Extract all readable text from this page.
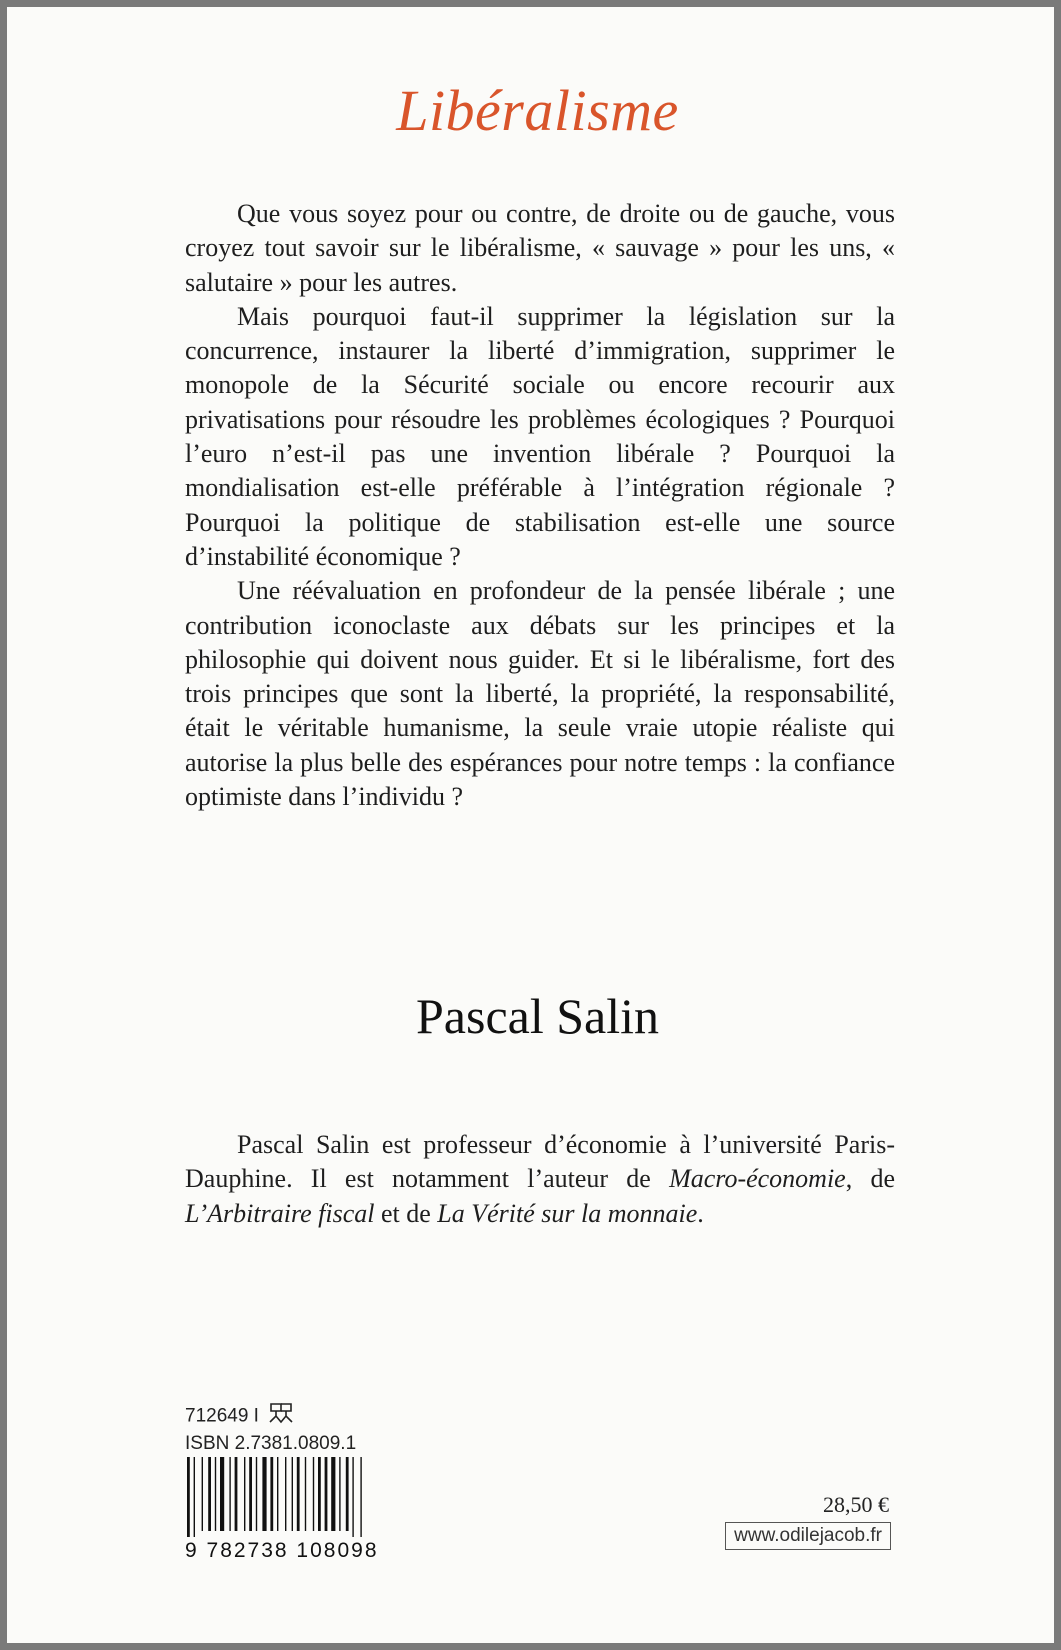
Libéralisme

Que vous soyez pour ou contre, de droite ou de gauche, vous croyez tout savoir sur le libéralisme, « sauvage » pour les uns, « salutaire » pour les autres.

Mais pourquoi faut-il supprimer la législation sur la concurrence, instaurer la liberté d’immigration, supprimer le monopole de la Sécurité sociale ou encore recourir aux privatisations pour résoudre les problèmes écologiques ? Pourquoi l’euro n’est-il pas une invention libérale ? Pourquoi la mondialisation est-elle préférable à l’intégration régionale ? Pourquoi la politique de stabilisation est-elle une source d’instabilité économique ?

Une réévaluation en profondeur de la pensée libérale ; une contribution iconoclaste aux débats sur les principes et la philosophie qui doivent nous guider. Et si le libéralisme, fort des trois principes que sont la liberté, la propriété, la responsabilité, était le véritable humanisme, la seule vraie utopie réaliste qui autorise la plus belle des espérances pour notre temps : la confiance optimiste dans l’individu ?

Pascal Salin

Pascal Salin est professeur d’économie à l’université Paris-Dauphine. Il est notamment l’auteur de Macro-économie, de L’Arbitraire fiscal et de La Vérité sur la monnaie.

712649 I
ISBN 2.7381.0809.1
9 782738 108098
28,50 €
www.odilejacob.fr
